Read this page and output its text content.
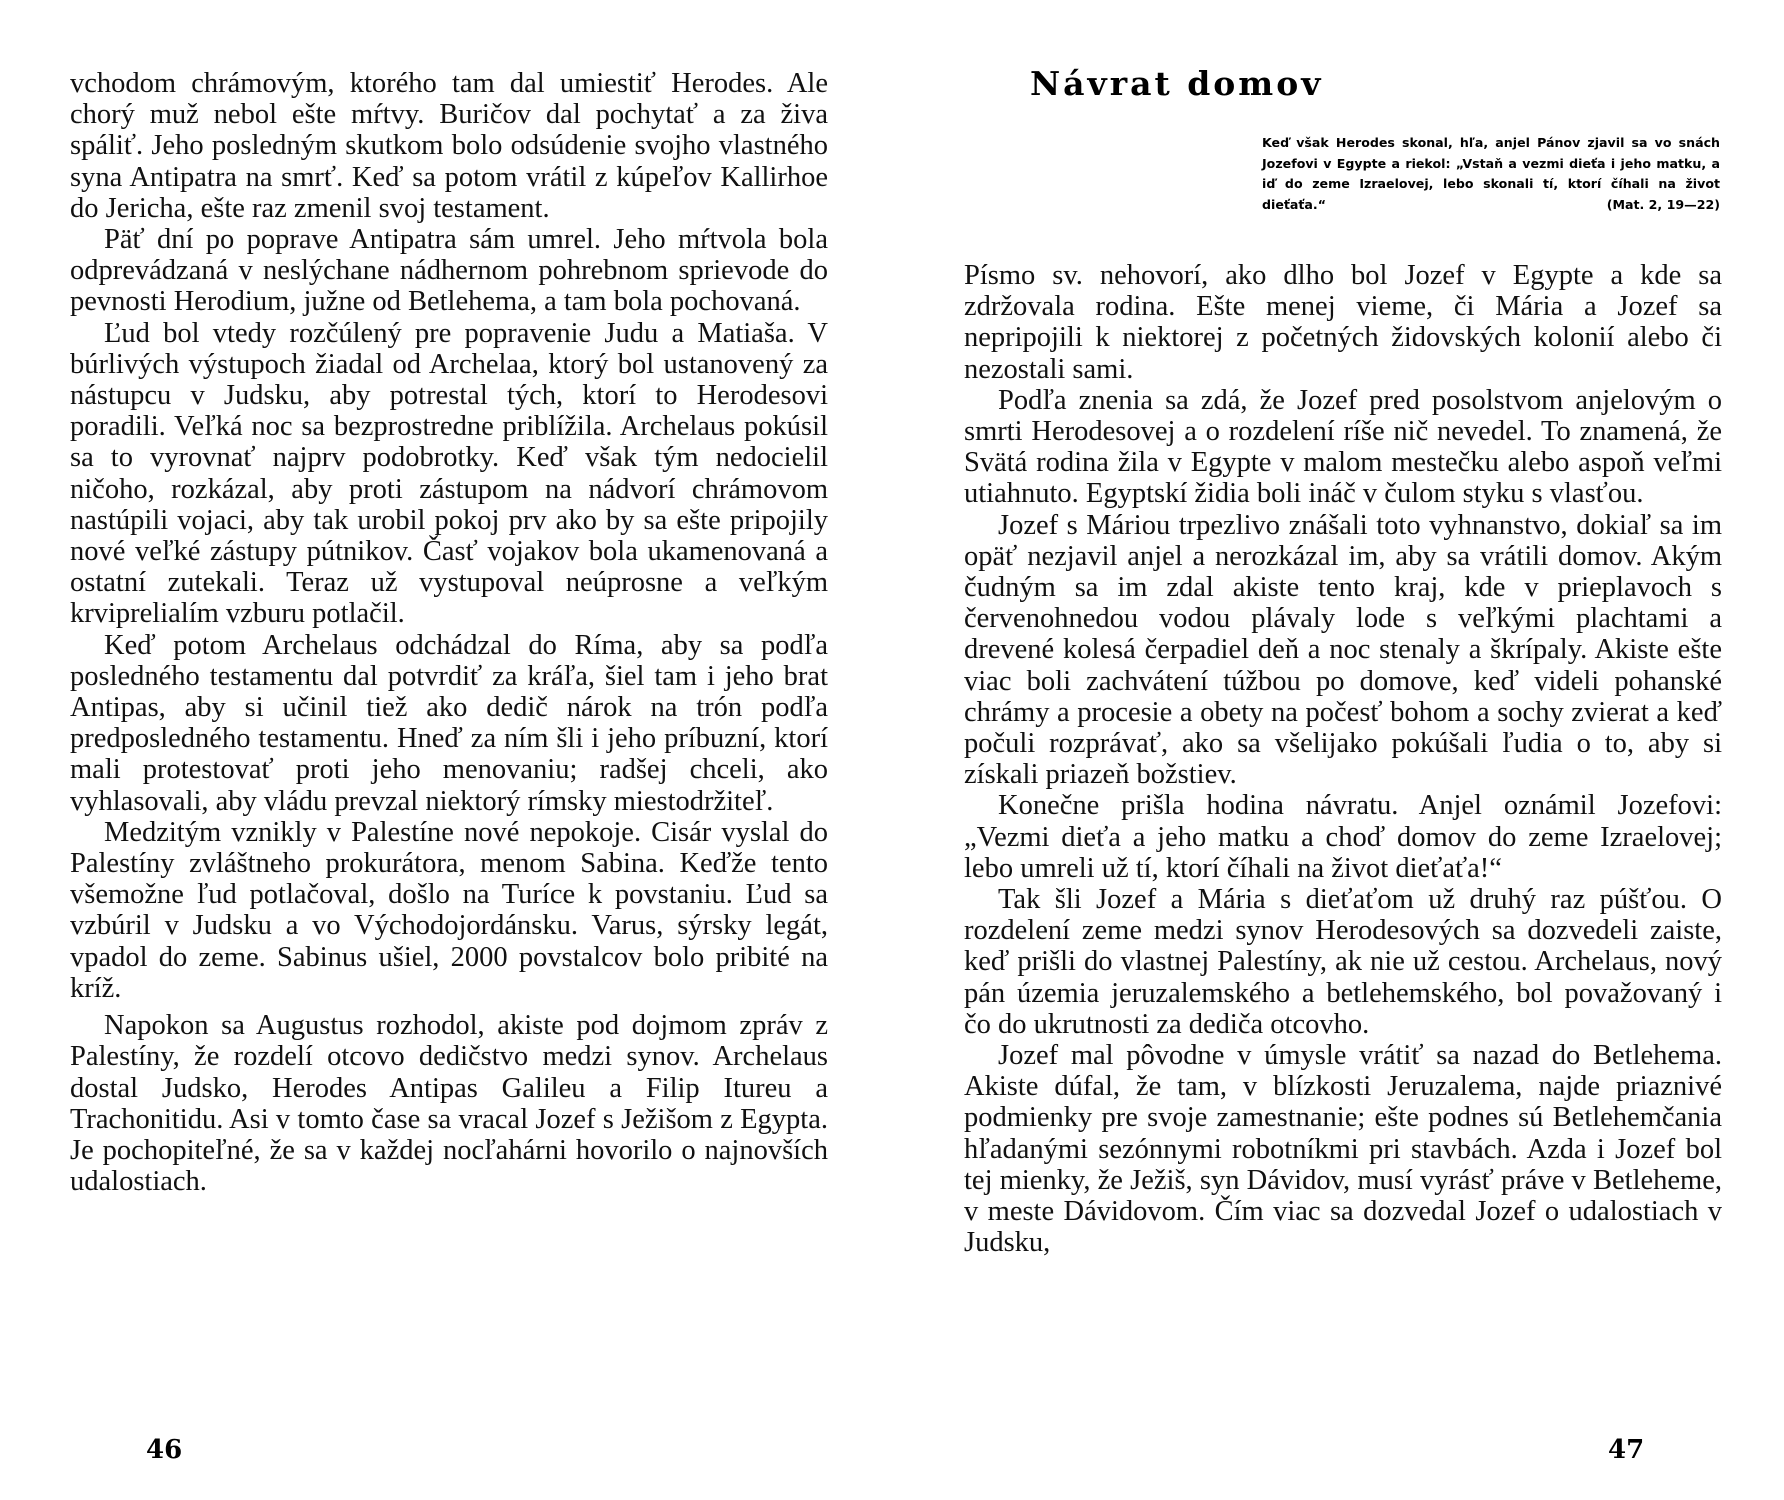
vchodom chrámovým, ktorého tam dal umiestiť Herodes. Ale chorý muž nebol ešte mŕtvy. Buričov dal pochytať a za živa spáliť. Jeho posledným skutkom bolo odsúdenie svojho vlastného syna Antipatra na smrť. Keď sa potom vrátil z kúpeľov Kallirhoe do Jericha, ešte raz zmenil svoj testament.

Päť dní po poprave Antipatra sám umrel. Jeho mŕtvola bola odprevádzaná v neslýchane nádhernom pohrebnom sprievode do pevnosti Herodium, južne od Betlehema, a tam bola pochovaná.

Ľud bol vtedy rozčúlený pre popravenie Judu a Matiaša. V búrlivých výstupoch žiadal od Archelaa, ktorý bol ustanovený za nástupcu v Judsku, aby potrestal tých, ktorí to Herodesovi poradili. Veľká noc sa bezprostredne priblížila. Archelaus pokúsil sa to vyrovnať najprv podobrotky. Keď však tým nedocielil ničoho, rozkázal, aby proti zástupom na nádvorí chrámovom nastúpili vojaci, aby tak urobil pokoj prv ako by sa ešte pripojily nové veľké zástupy pútnikov. Časť vojakov bola ukamenovaná a ostatní zutekali. Teraz už vystupoval neúprosne a veľkým krviprelialím vzburu potlačil.

Keď potom Archelaus odchádzal do Ríma, aby sa podľa posledného testamentu dal potvrdiť za kráľa, šiel tam i jeho brat Antipas, aby si učinil tiež ako dedič nárok na trón podľa predposledného testamentu. Hneď za ním šli i jeho príbuzní, ktorí mali protestovať proti jeho menovaniu; radšej chceli, ako vyhlasovali, aby vládu prevzal niektorý rímsky miestodržiteľ.

Medzitým vznikly v Palestíne nové nepokoje. Cisár vyslal do Palestíny zvláštneho prokurátora, menom Sabina. Keďže tento všemožne ľud potlačoval, došlo na Turíce k povstaniu. Ľud sa vzbúril v Judsku a vo Východojordánsku. Varus, sýrsky legát, vpadol do zeme. Sabinus ušiel, 2000 povstalcov bolo pribité na kríž.

Napokon sa Augustus rozhodol, akiste pod dojmom zpráv z Palestíny, že rozdelí otcovo dedičstvo medzi synov. Archelaus dostal Judsko, Herodes Antipas Galileu a Filip Itureu a Trachonitidu. Asi v tomto čase sa vracal Jozef s Ježišom z Egypta. Je pochopiteľné, že sa v každej nocľahárni hovorilo o najnovších udalostiach.

46
Návrat domov
Keď však Herodes skonal, hľa, anjel Pánov zjavil sa vo snách Jozefovi v Egypte a riekol: „Vstaň a vezmi dieťa i jeho matku, a iď do zeme Izraelovej, lebo skonali tí, ktorí číhali na život dieťaťa.“	(Mat. 2, 19—22)

Písmo sv. nehovorí, ako dlho bol Jozef v Egypte a kde sa zdržovala rodina. Ešte menej vieme, či Mária a Jozef sa nepripojili k niektorej z početných židovských kolonií alebo či nezostali sami.

Podľa znenia sa zdá, že Jozef pred posolstvom anjelovým o smrti Herodesovej a o rozdelení ríše nič nevedel. To znamená, že Svätá rodina žila v Egypte v malom mestečku alebo aspoň veľmi utiahnuto. Egyptskí židia boli ináč v čulom styku s vlasťou.

Jozef s Máriou trpezlivo znášali toto vyhnanstvo, dokiaľ sa im opäť nezjavil anjel a nerozkázal im, aby sa vrátili domov. Akým čudným sa im zdal akiste tento kraj, kde v prieplavoch s červenohnedou vodou plávaly lode s veľkými plachtami a drevené kolesá čerpadiel deň a noc stenaly a škrípaly. Akiste ešte viac boli zachvátení túžbou po domove, keď videli pohanské chrámy a procesie a obety na počesť bohom a sochy zvierat a keď počuli rozprávať, ako sa všelijako pokúšali ľudia o to, aby si získali priazeň božstiev.

Konečne prišla hodina návratu. Anjel oznámil Jozefovi: „Vezmi dieťa a jeho matku a choď domov do zeme Izraelovej; lebo umreli už tí, ktorí číhali na život dieťaťa!“

Tak šli Jozef a Mária s dieťaťom už druhý raz púšťou. O rozdelení zeme medzi synov Herodesových sa dozvedeli zaiste, keď prišli do vlastnej Palestíny, ak nie už cestou. Archelaus, nový pán územia jeruzalemského a betlehemského, bol považovaný i čo do ukrutnosti za dediča otcovho.

Jozef mal pôvodne v úmysle vrátiť sa nazad do Betlehema. Akiste dúfal, že tam, v blízkosti Jeruzalema, najde priaznivé podmienky pre svoje zamestnanie; ešte podnes sú Betlehemčania hľadanými sezónnymi robotníkmi pri stavbách. Azda i Jozef bol tej mienky, že Ježiš, syn Dávidov, musí vyrásť práve v Betleheme, v meste Dávidovom. Čím viac sa dozvedal Jozef o udalostiach v Judsku,

47
